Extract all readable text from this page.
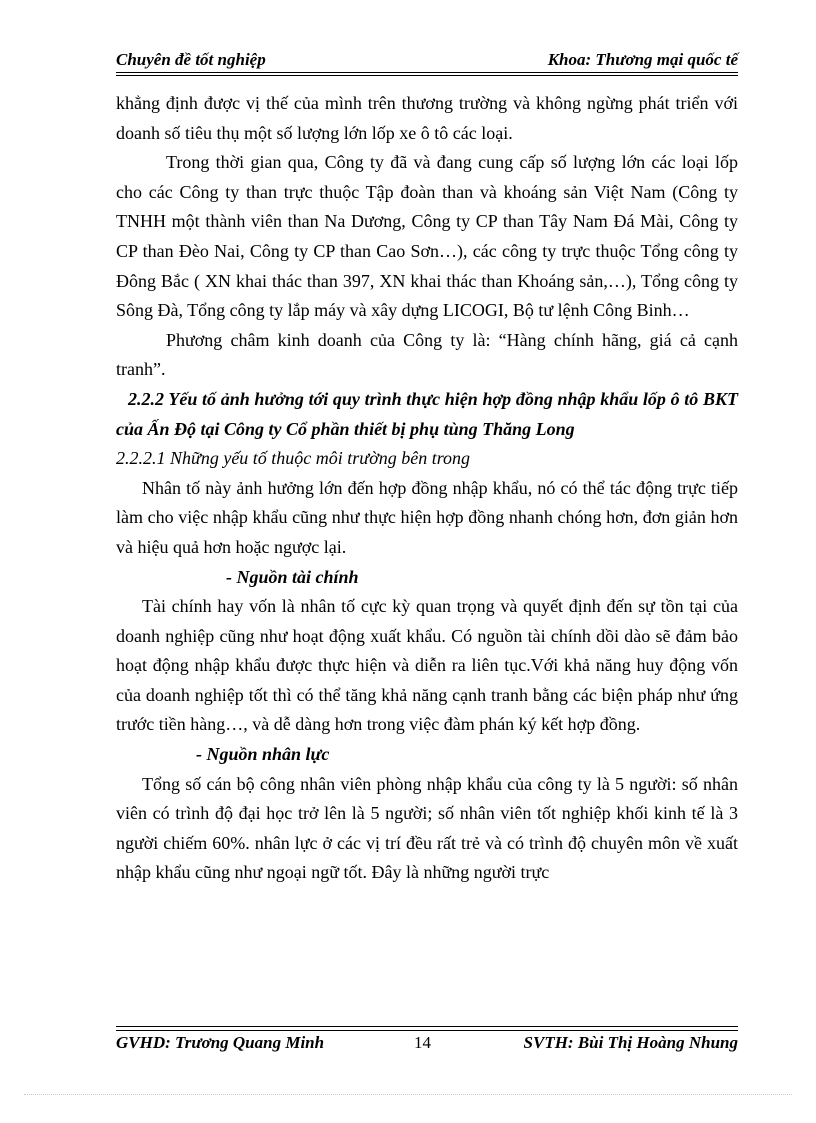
Chuyên đề tốt nghiệp	Khoa: Thương mại quốc tế

khẳng định được vị thế của mình trên thương trường và không ngừng phát triển với doanh số tiêu thụ một số lượng lớn lốp xe ô tô các loại.

Trong thời gian qua, Công ty đã và đang cung cấp số lượng lớn các loại lốp cho các Công ty than trực thuộc Tập đoàn than và khoáng sản Việt Nam (Công ty TNHH một thành viên than Na Dương, Công ty CP than Tây Nam Đá Mài, Công ty CP than Đèo Nai, Công ty CP than Cao Sơn…), các công ty trực thuộc Tổng công ty Đông Bắc ( XN khai thác than 397, XN khai thác than Khoáng sản,…), Tổng công ty Sông Đà, Tổng công ty lắp máy và xây dựng LICOGI, Bộ tư lệnh Công Binh…

Phương châm kinh doanh của Công ty là: “Hàng chính hãng, giá cả cạnh tranh”.

2.2.2 Yếu tố ảnh hưởng tới quy trình thực hiện hợp đồng nhập khẩu lốp ô tô BKT của Ấn Độ tại Công ty Cổ phần thiết bị phụ tùng Thăng Long

2.2.2.1 Những yếu tố thuộc môi trường bên trong

Nhân tố này ảnh hưởng lớn đến hợp đồng nhập khẩu, nó có thể tác động trực tiếp làm cho việc nhập khẩu cũng như thực hiện hợp đồng nhanh chóng hơn, đơn giản hơn và hiệu quả hơn hoặc ngược lại.

- Nguồn tài chính

Tài chính hay vốn là nhân tố cực kỳ quan trọng và quyết định đến sự tồn tại của doanh nghiệp cũng như hoạt động xuất khẩu. Có nguồn tài chính dồi dào sẽ đảm bảo hoạt động nhập khẩu được thực hiện và diễn ra liên tục.Với khả năng huy động vốn của doanh nghiệp tốt thì có thể tăng khả năng cạnh tranh bằng các biện pháp như ứng trước tiền hàng…, và dễ dàng hơn trong việc đàm phán ký kết hợp đồng.

- Nguồn nhân lực

Tổng số cán bộ công nhân viên phòng nhập khẩu của công ty là 5 người: số nhân viên có trình độ đại học trở lên là 5 người; số nhân viên tốt nghiệp khối kinh tế là 3 người chiếm 60%. nhân lực ở các vị trí đều rất trẻ và có trình độ chuyên môn về xuất nhập khẩu cũng như ngoại ngữ tốt. Đây là những người trực

GVHD: Trương Quang Minh	14	SVTH: Bùi Thị Hoàng Nhung
